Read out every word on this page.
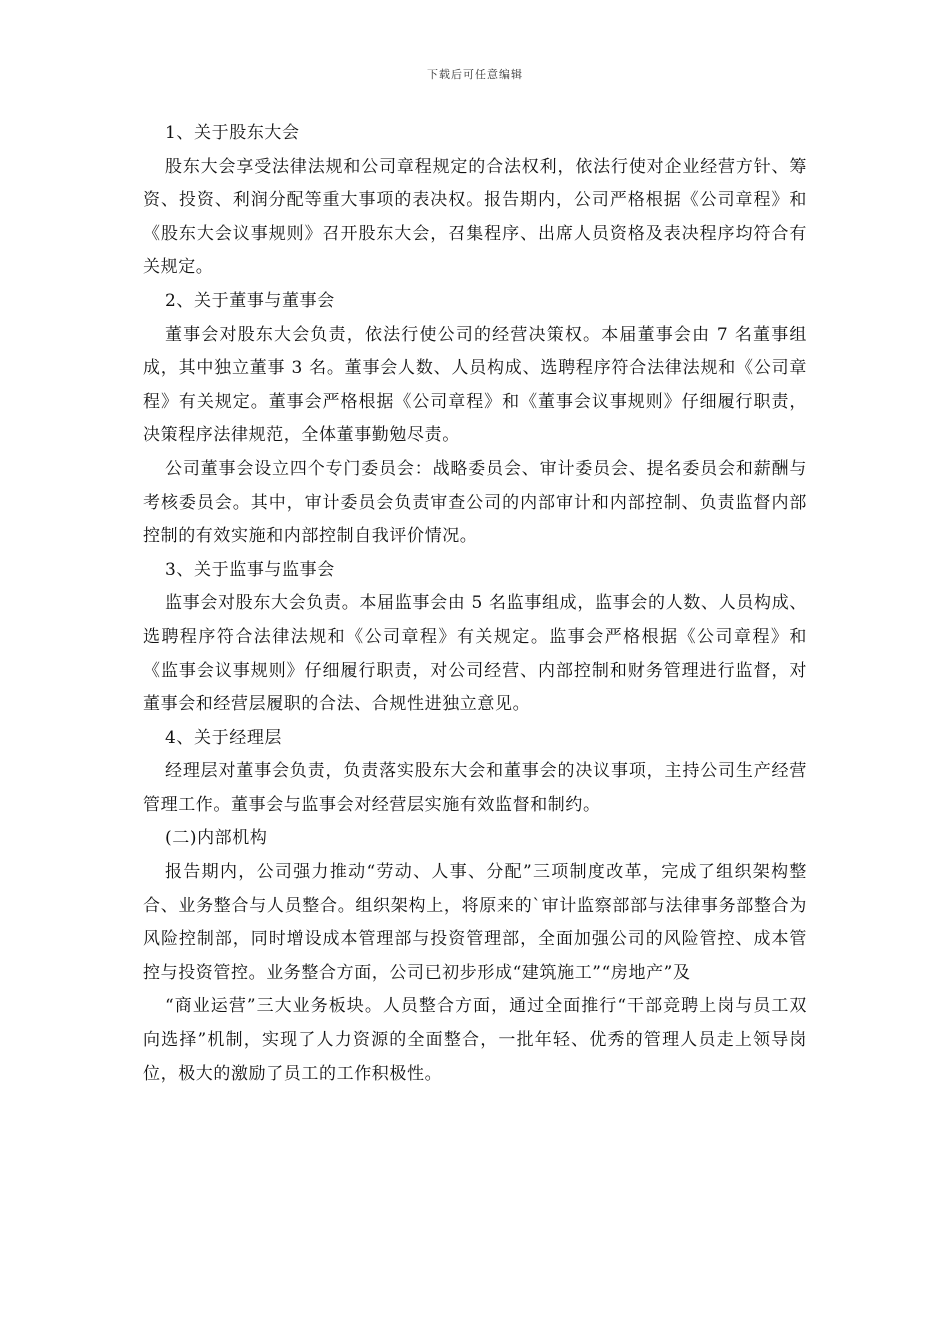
下载后可任意编辑

1、关于股东大会

股东大会享受法律法规和公司章程规定的合法权利，依法行使对企业经营方针、筹资、投资、利润分配等重大事项的表决权。报告期内，公司严格根据《公司章程》和《股东大会议事规则》召开股东大会，召集程序、出席人员资格及表决程序均符合有关规定。

2、关于董事与董事会

董事会对股东大会负责，依法行使公司的经营决策权。本届董事会由 7 名董事组成，其中独立董事 3 名。董事会人数、人员构成、选聘程序符合法律法规和《公司章程》有关规定。董事会严格根据《公司章程》和《董事会议事规则》仔细履行职责，决策程序法律规范，全体董事勤勉尽责。

公司董事会设立四个专门委员会：战略委员会、审计委员会、提名委员会和薪酬与考核委员会。其中，审计委员会负责审查公司的内部审计和内部控制、负责监督内部控制的有效实施和内部控制自我评价情况。

3、关于监事与监事会

监事会对股东大会负责。本届监事会由 5 名监事组成，监事会的人数、人员构成、选聘程序符合法律法规和《公司章程》有关规定。监事会严格根据《公司章程》和《监事会议事规则》仔细履行职责，对公司经营、内部控制和财务管理进行监督，对董事会和经营层履职的合法、合规性进独立意见。

4、关于经理层

经理层对董事会负责，负责落实股东大会和董事会的决议事项，主持公司生产经营管理工作。董事会与监事会对经营层实施有效监督和制约。

(二)内部机构

报告期内，公司强力推动“劳动、人事、分配”三项制度改革，完成了组织架构整合、业务整合与人员整合。组织架构上，将原来的`审计监察部部与法律事务部整合为风险控制部，同时增设成本管理部与投资管理部，全面加强公司的风险管控、成本管控与投资管控。业务整合方面，公司已初步形成“建筑施工”“房地产”及

“商业运营”三大业务板块。人员整合方面，通过全面推行“干部竞聘上岗与员工双向选择”机制，实现了人力资源的全面整合，一批年轻、优秀的管理人员走上领导岗位，极大的激励了员工的工作积极性。
